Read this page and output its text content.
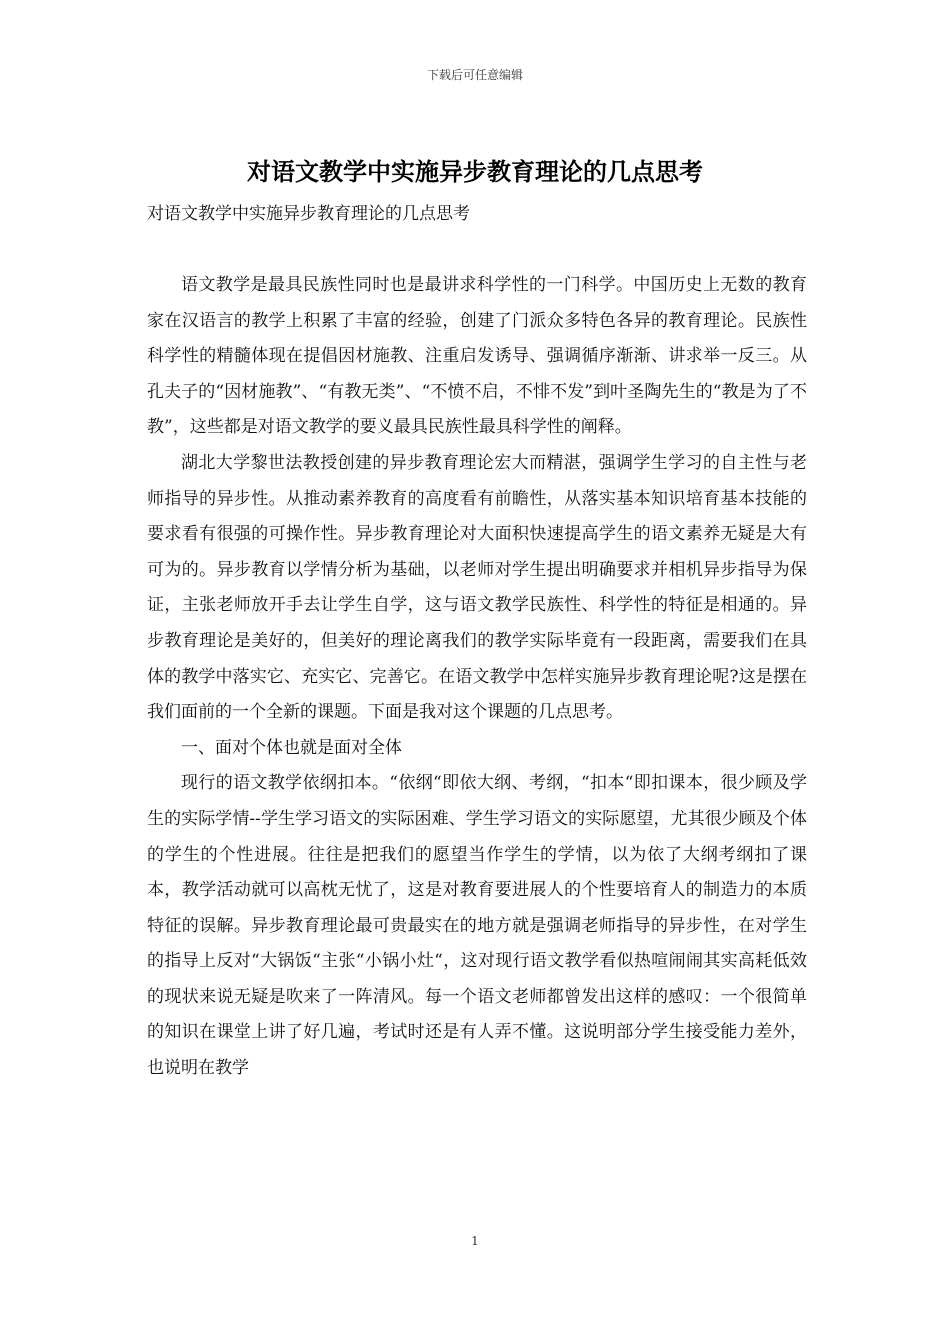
下载后可任意编辑
对语文教学中实施异步教育理论的几点思考
对语文教学中实施异步教育理论的几点思考

语文教学是最具民族性同时也是最讲求科学性的一门科学。中国历史上无数的教育家在汉语言的教学上积累了丰富的经验，创建了门派众多特色各异的教育理论。民族性科学性的精髓体现在提倡因材施教、注重启发诱导、强调循序渐渐、讲求举一反三。从孔夫子的“因材施教”、“有教无类”、“不愤不启，不悱不发”到叶圣陶先生的“教是为了不教”，这些都是对语文教学的要义最具民族性最具科学性的阐释。

湖北大学黎世法教授创建的异步教育理论宏大而精湛，强调学生学习的自主性与老师指导的异步性。从推动素养教育的高度看有前瞻性，从落实基本知识培育基本技能的要求看有很强的可操作性。异步教育理论对大面积快速提高学生的语文素养无疑是大有可为的。异步教育以学情分析为基础，以老师对学生提出明确要求并相机异步指导为保证，主张老师放开手去让学生自学，这与语文教学民族性、科学性的特征是相通的。异步教育理论是美好的，但美好的理论离我们的教学实际毕竟有一段距离，需要我们在具体的教学中落实它、充实它、完善它。在语文教学中怎样实施异步教育理论呢?这是摆在我们面前的一个全新的课题。下面是我对这个课题的几点思考。

一、面对个体也就是面对全体

现行的语文教学依纲扣本。“依纲“即依大纲、考纲，“扣本“即扣课本，很少顾及学生的实际学情--学生学习语文的实际困难、学生学习语文的实际愿望，尤其很少顾及个体的学生的个性进展。往往是把我们的愿望当作学生的学情，以为依了大纲考纲扣了课本，教学活动就可以高枕无忧了，这是对教育要进展人的个性要培育人的制造力的本质特征的误解。异步教育理论最可贵最实在的地方就是强调老师指导的异步性，在对学生的指导上反对“大锅饭“主张“小锅小灶“，这对现行语文教学看似热喧闹闹其实高耗低效的现状来说无疑是吹来了一阵清风。每一个语文老师都曾发出这样的感叹：一个很简单的知识在课堂上讲了好几遍，考试时还是有人弄不懂。这说明部分学生接受能力差外，也说明在教学

1
